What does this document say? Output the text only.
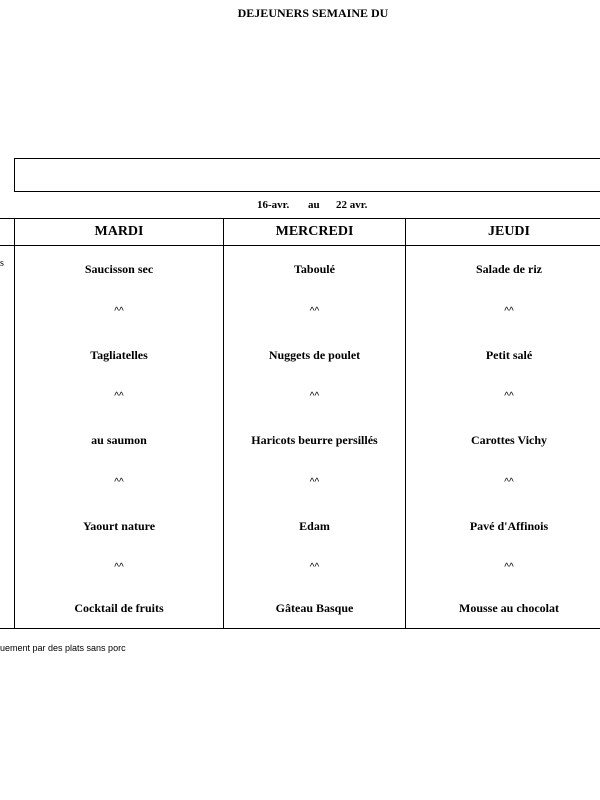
DEJEUNERS SEMAINE DU
16-avr. au 22 avr.
s
MARDI	MERCREDI	JEUDI
Saucisson sec
^^
Tagliatelles
^^
au saumon
^^
Yaourt nature
^^
Cocktail de fruits
Taboulé
^^
Nuggets de poulet
^^
Haricots beurre persillés
^^
Edam
^^
Gâteau Basque
Salade de riz
^^
Petit salé
^^
Carottes Vichy
^^
Pavé d'Affinois
^^
Mousse au chocolat
uement par des plats sans porc
